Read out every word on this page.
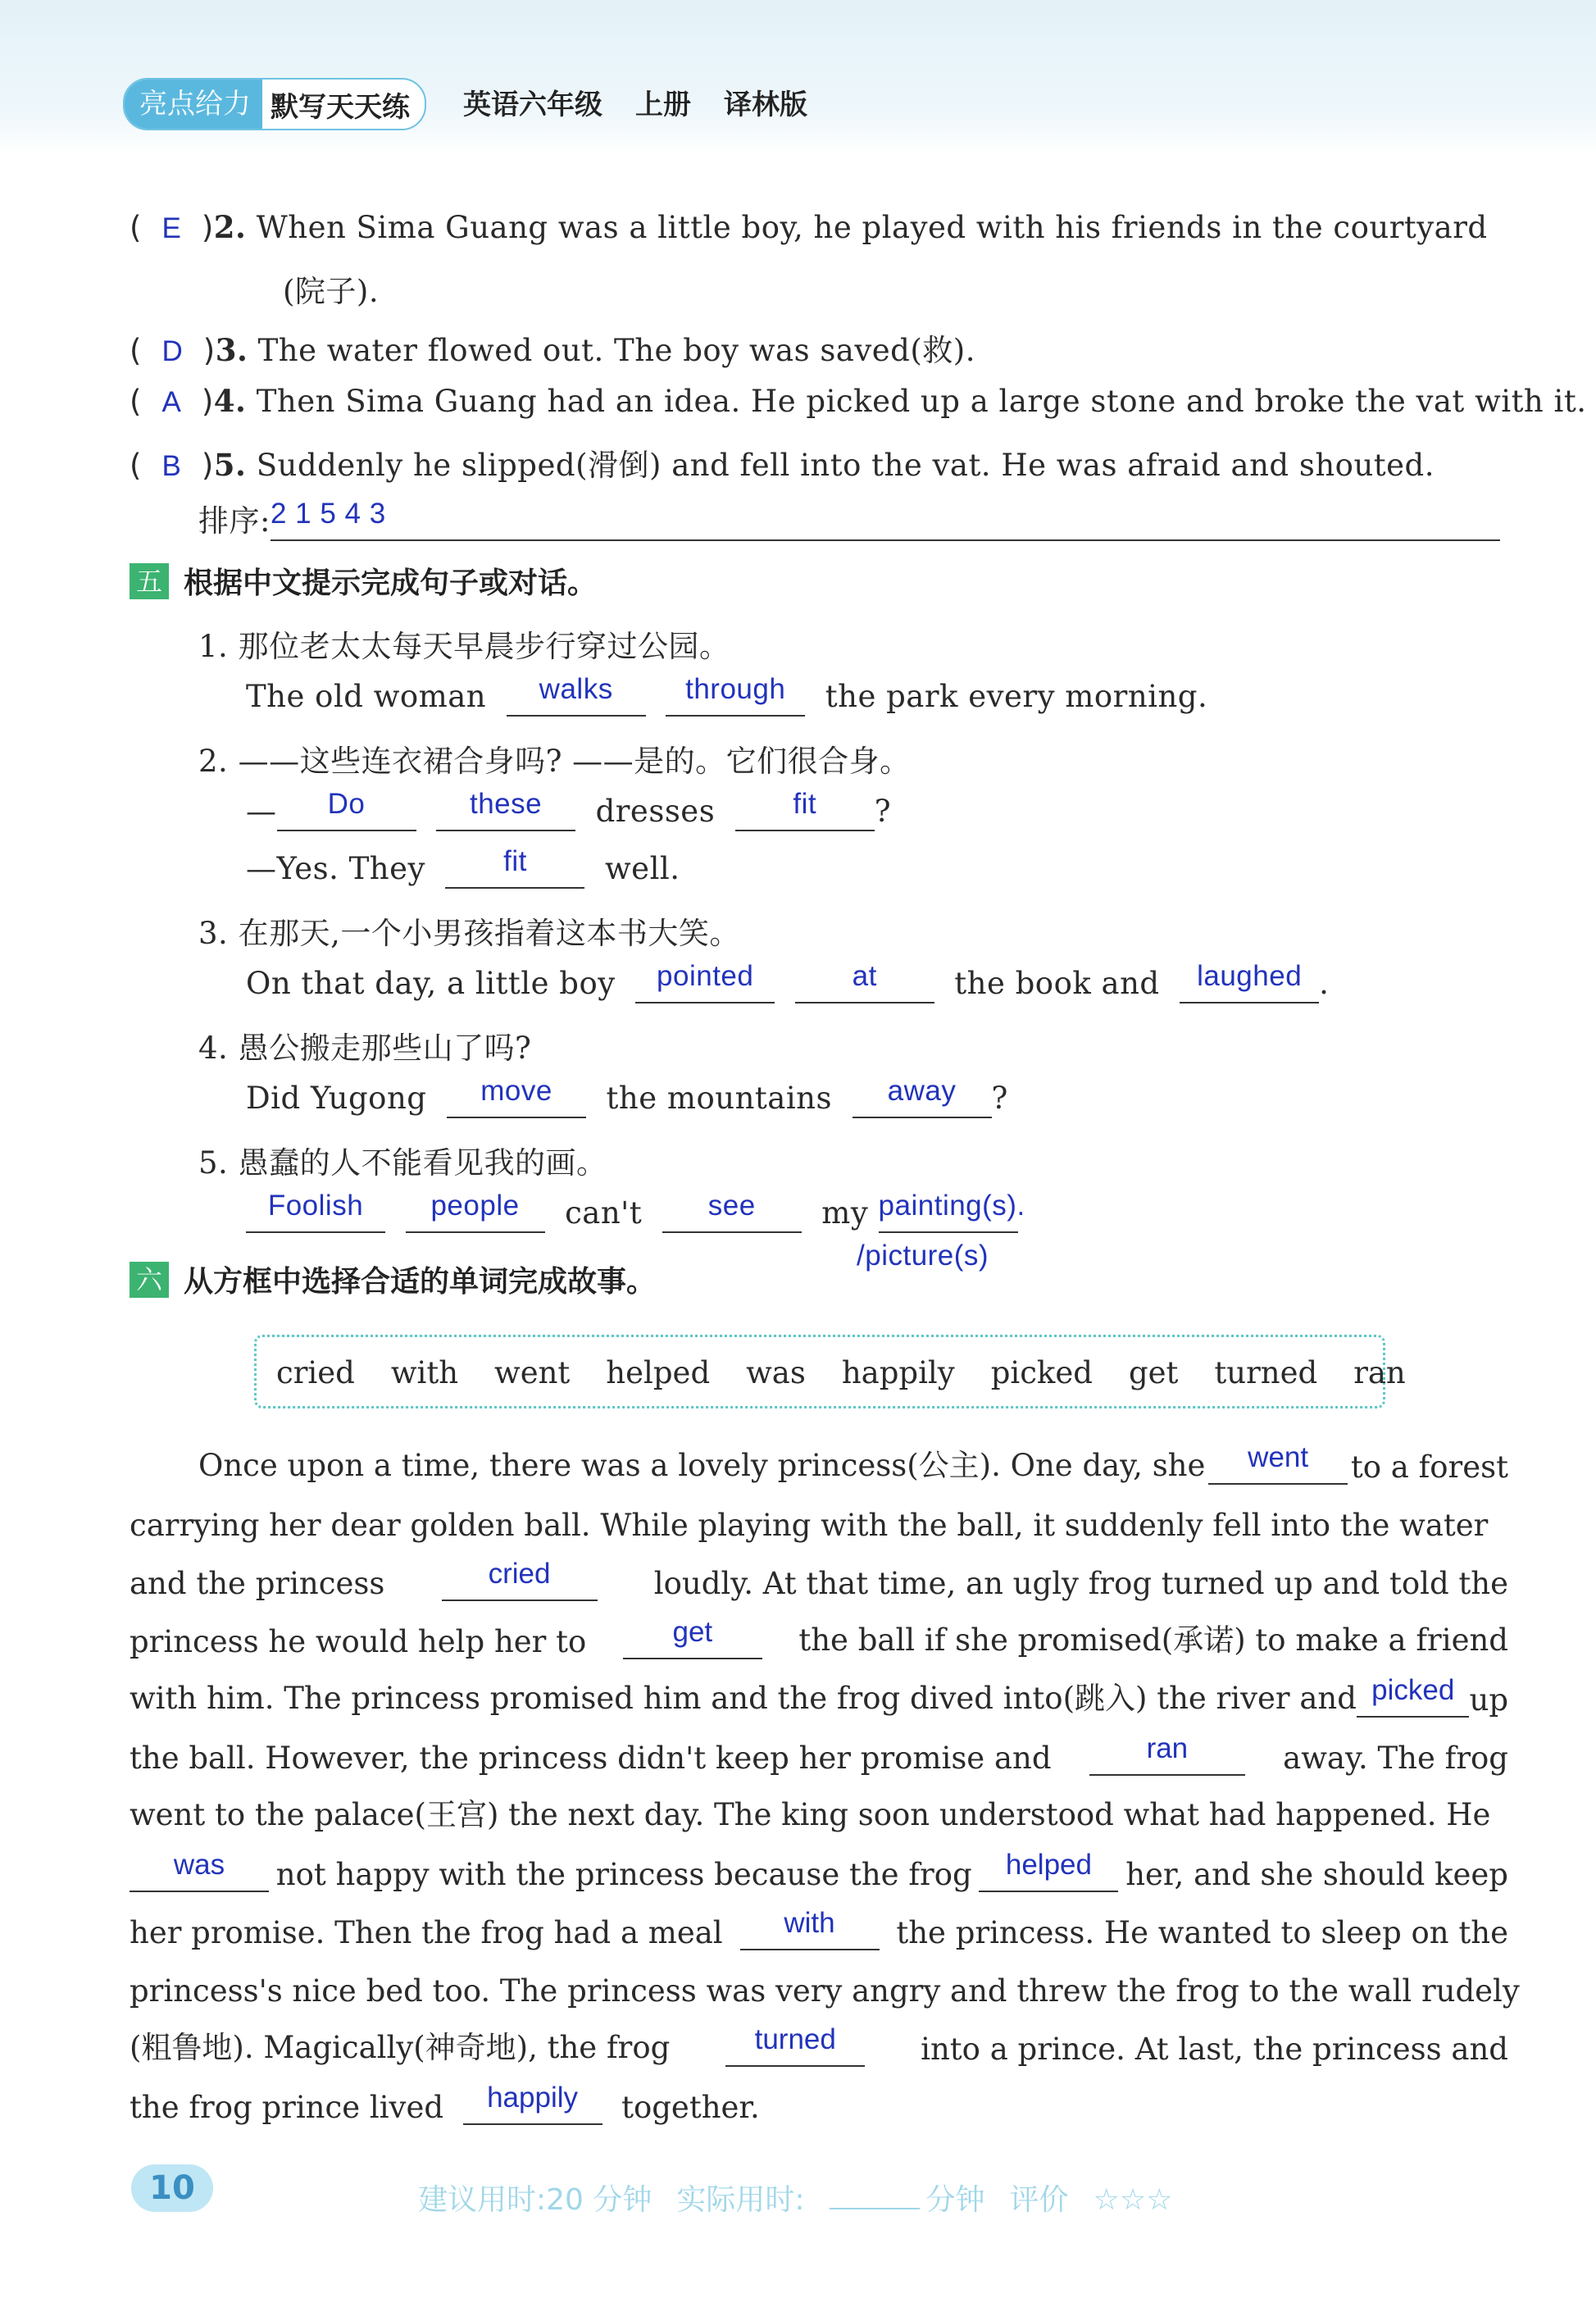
亮点给力 默写天天练	英语六年级 上册 译林版
(  E  )2. When Sima Guang was a little boy, he played with his friends in the courtyard
(院子).
(  D  )3. The water flowed out. The boy was saved(救).
(  A  )4. Then Sima Guang had an idea. He picked up a large stone and broke the vat with it.
(  B  )5. Suddenly he slipped(滑倒) and fell into the vat. He was afraid and shouted.
排序:2 1 5 4 3
五 根据中文提示完成句子或对话。
1. 那位老太太每天早晨步行穿过公园。
The old woman walks	through the park every morning.
2. ——这些连衣裙合身吗? ——是的。它们很合身。
— Do	these dresses	fit ?
—Yes. They	fit	well.
3. 在那天,一个小男孩指着这本书大笑。
On that day, a little boy pointed	at	the book and laughed .
4. 愚公搬走那些山了吗?
Did Yugong move the mountains away ?
5. 愚蠢的人不能看见我的画。
Foolish people can't see my painting(s).
/picture(s)
六 从方框中选择合适的单词完成故事。
cried with went helped was happily picked get turned ran
Once upon a time, there was a lovely princess(公主). One day, she	went	to a forest
carrying her dear golden ball. While playing with the ball, it suddenly fell into the water
and the princess	cried	loudly. At that time, an ugly frog turned up and told the
princess he would help her to	get	the ball if she promised(承诺) to make a friend
with him. The princess promised him and the frog dived into(跳入) the river and picked up
the ball. However, the princess didn't keep her promise and	ran	away. The frog
went to the palace(王宫) the next day. The king soon understood what had happened. He
was	not happy with the princess because the frog	helped	her, and she should keep
her promise. Then the frog had a meal	with	the princess. He wanted to sleep on the
princess's nice bed too. The princess was very angry and threw the frog to the wall rudely
(粗鲁地). Magically(神奇地), the frog	turned	into a prince. At last, the princess and
the frog prince lived
	happily
	together.
10	建议用时:20 分钟 实际用时:	分钟 评价 ☆☆☆
